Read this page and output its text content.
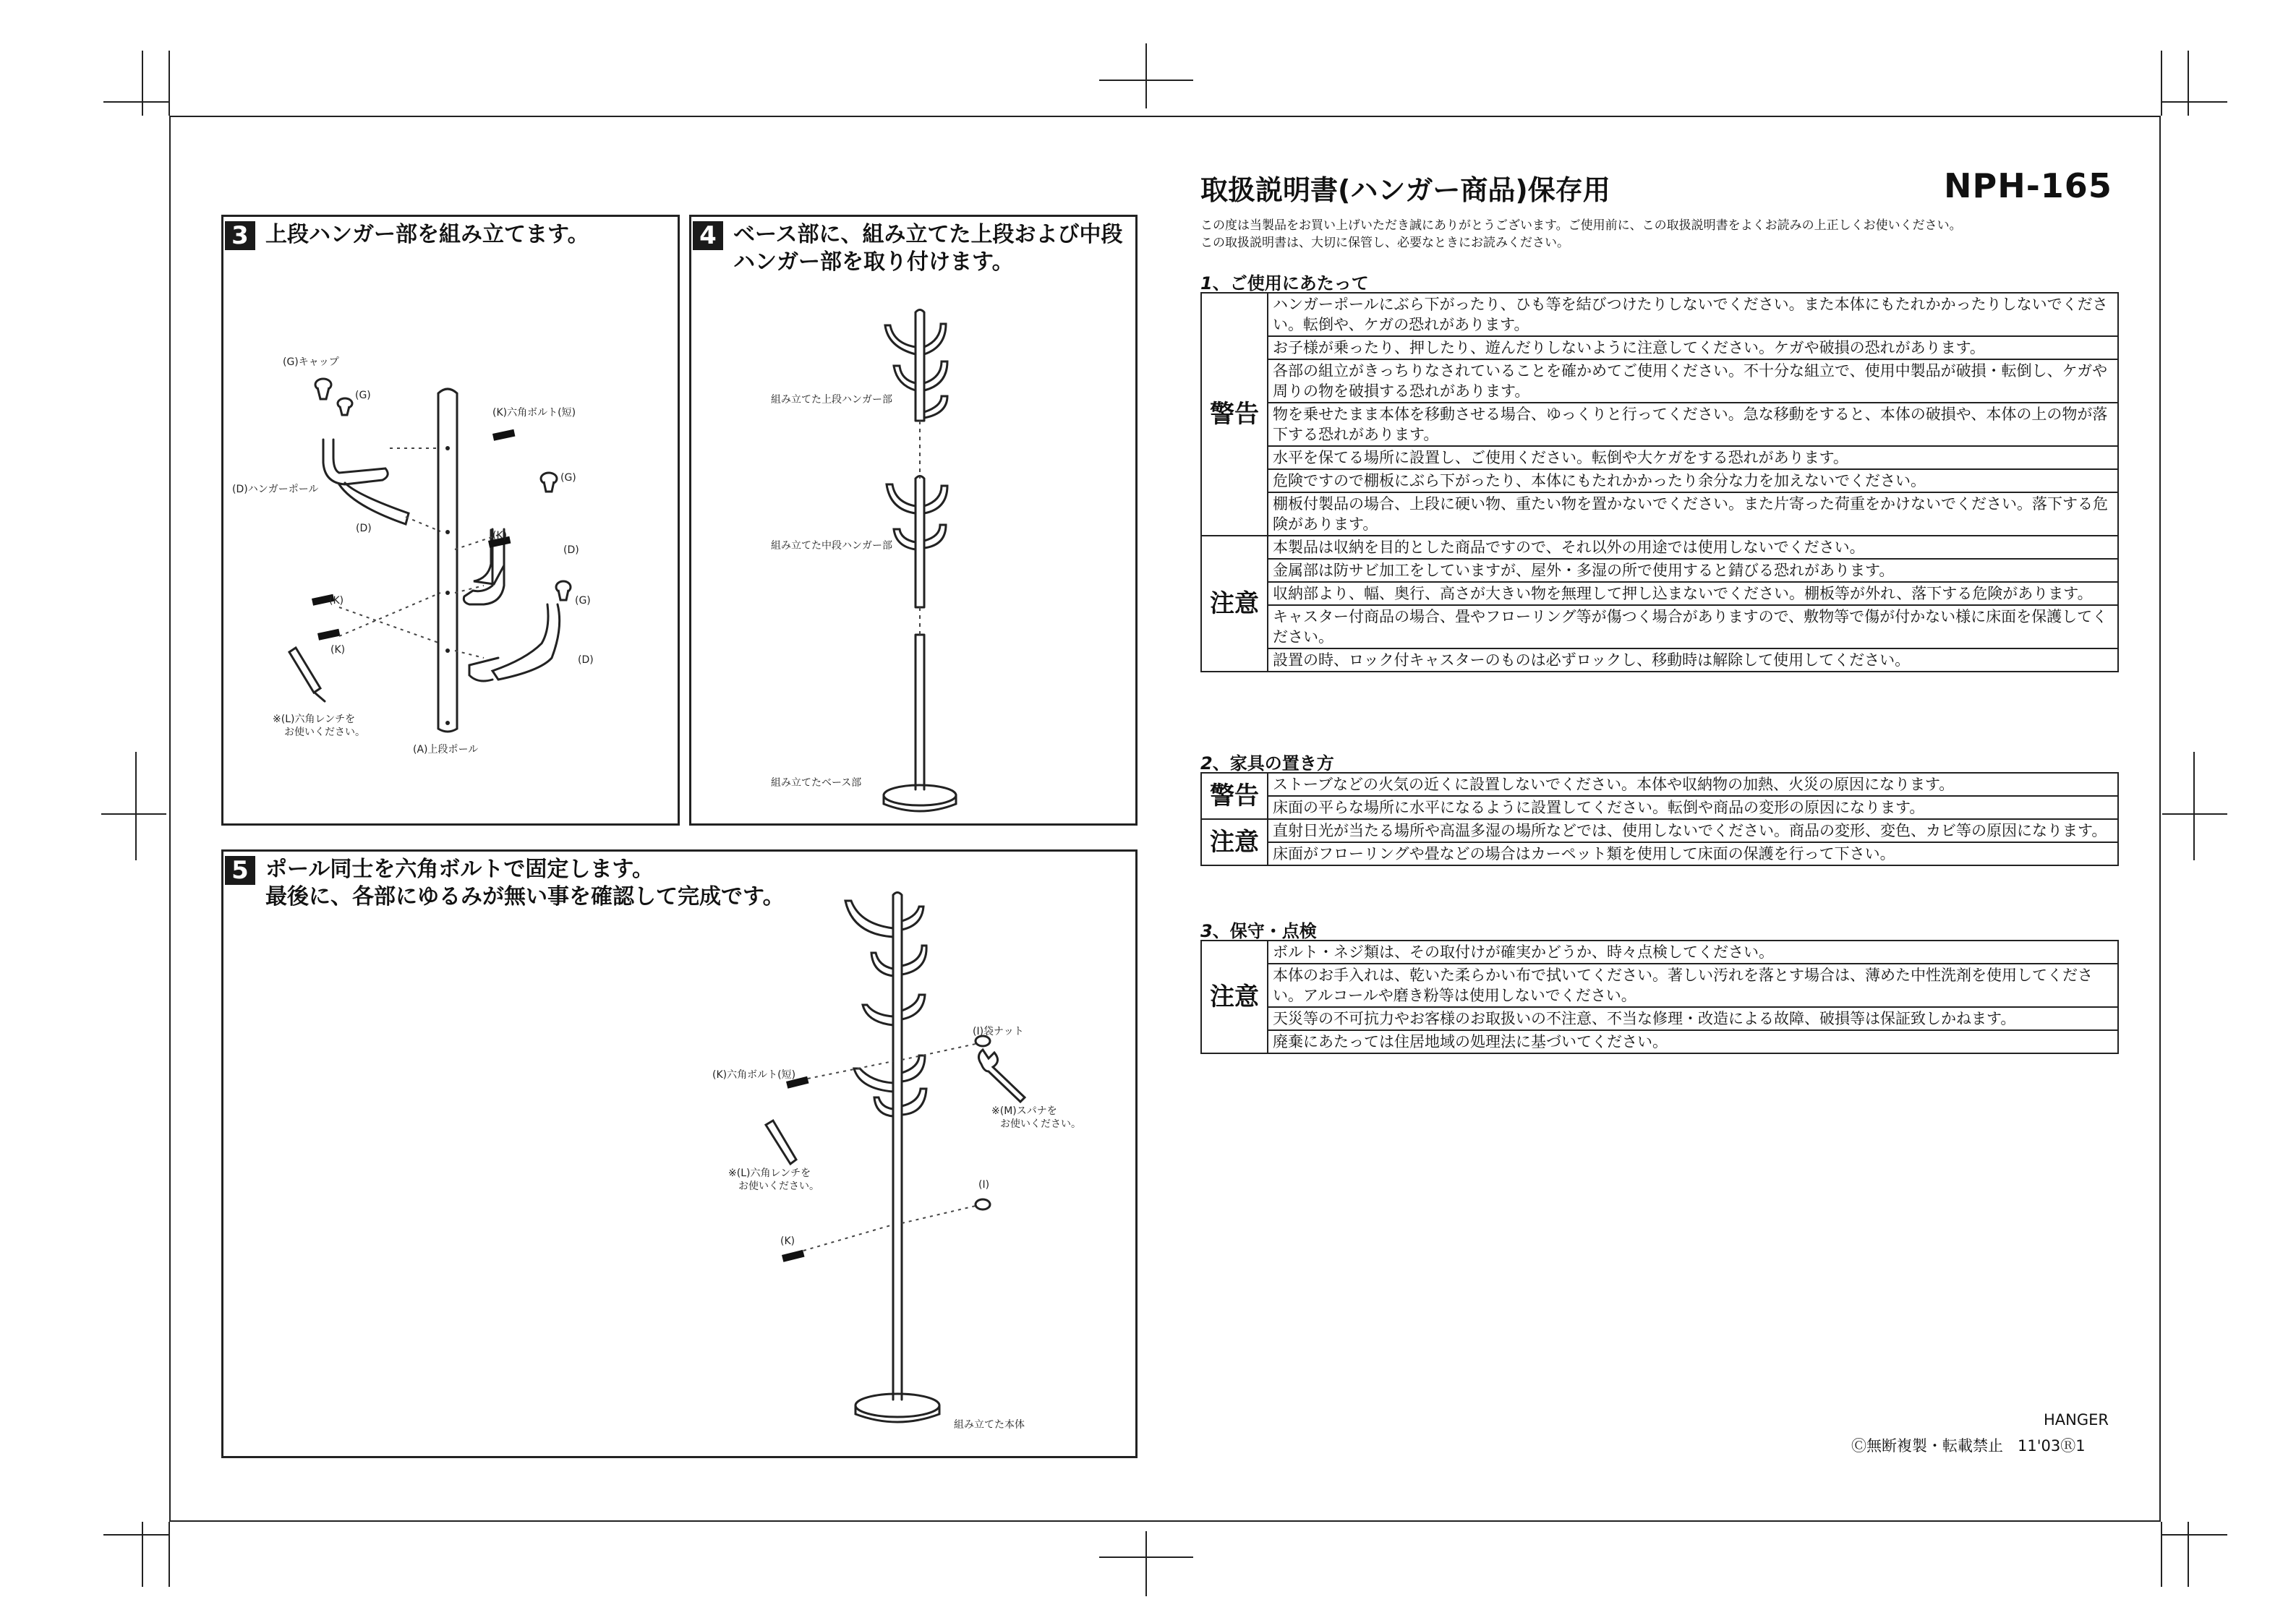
3 上段ハンガー部を組み立てます。
(G)キャップ
(G)
(K)六角ボルト(短)
(D)ハンガーポール
(G)
(D)
(K)
(D)
(K)	(G)
(K)
(D)
※(L)六角レンチを
お使いください。
(A)上段ポール
4 ベース部に、組み立てた上段および中段
ハンガー部を取り付けます。
組み立てた上段ハンガー部
組み立てた中段ハンガー部
組み立てたベース部
5 ポール同士を六角ボルトで固定します。
最後に、各部にゆるみが無い事を確認して完成です。
(I)袋ナット
(K)六角ボルト(短)
※(M)スパナを
お使いください。
※(L)六角レンチを
お使いください。	(I)
(K)
組み立てた本体
取扱説明書(ハンガー商品)保存用	NPH-165
この度は当製品をお買い上げいただき誠にありがとうございます。ご使用前に、この取扱説明書をよくお読みの上正しくお使いください。
この取扱説明書は、大切に保管し、必要なときにお読みください。
1、ご使用にあたって
警告	ハンガーポールにぶら下がったり、ひも等を結びつけたりしないでください。また本体にもたれかかったりしないでください。転倒や、ケガの恐れがあります。
	お子様が乗ったり、押したり、遊んだりしないように注意してください。ケガや破損の恐れがあります。
	各部の組立がきっちりなされていることを確かめてご使用ください。不十分な組立で、使用中製品が破損・転倒し、ケガや周りの物を破損する恐れがあります。
	物を乗せたまま本体を移動させる場合、ゆっくりと行ってください。急な移動をすると、本体の破損や、本体の上の物が落下する恐れがあります。
	水平を保てる場所に設置し、ご使用ください。転倒や大ケガをする恐れがあります。
	危険ですので棚板にぶら下がったり、本体にもたれかかったり余分な力を加えないでください。
	棚板付製品の場合、上段に硬い物、重たい物を置かないでください。また片寄った荷重をかけないでください。落下する危険があります。
注意	本製品は収納を目的とした商品ですので、それ以外の用途では使用しないでください。
	金属部は防サビ加工をしていますが、屋外・多湿の所で使用すると錆びる恐れがあります。
	収納部より、幅、奥行、高さが大きい物を無理して押し込まないでください。棚板等が外れ、落下する危険があります。
	キャスター付商品の場合、畳やフローリング等が傷つく場合がありますので、敷物等で傷が付かない様に床面を保護してください。
	設置の時、ロック付キャスターのものは必ずロックし、移動時は解除して使用してください。
2、家具の置き方
警告	ストーブなどの火気の近くに設置しないでください。本体や収納物の加熱、火災の原因になります。
	床面の平らな場所に水平になるように設置してください。転倒や商品の変形の原因になります。
注意	直射日光が当たる場所や高温多湿の場所などでは、使用しないでください。商品の変形、変色、カビ等の原因になります。
	床面がフローリングや畳などの場合はカーペット類を使用して床面の保護を行って下さい。
3、保守・点検
注意	ボルト・ネジ類は、その取付けが確実かどうか、時々点検してください。
本体のお手入れは、乾いた柔らかい布で拭いてください。著しい汚れを落とす場合は、薄めた中性洗剤を使用してください。アルコールや磨き粉等は使用しないでください。
天災等の不可抗力やお客様のお取扱いの不注意、不当な修理・改造による故障、破損等は保証致しかねます。
廃棄にあたっては住居地域の処理法に基づいてください。
HANGER
Ⓒ無断複製・転載禁止 11'03Ⓡ1
